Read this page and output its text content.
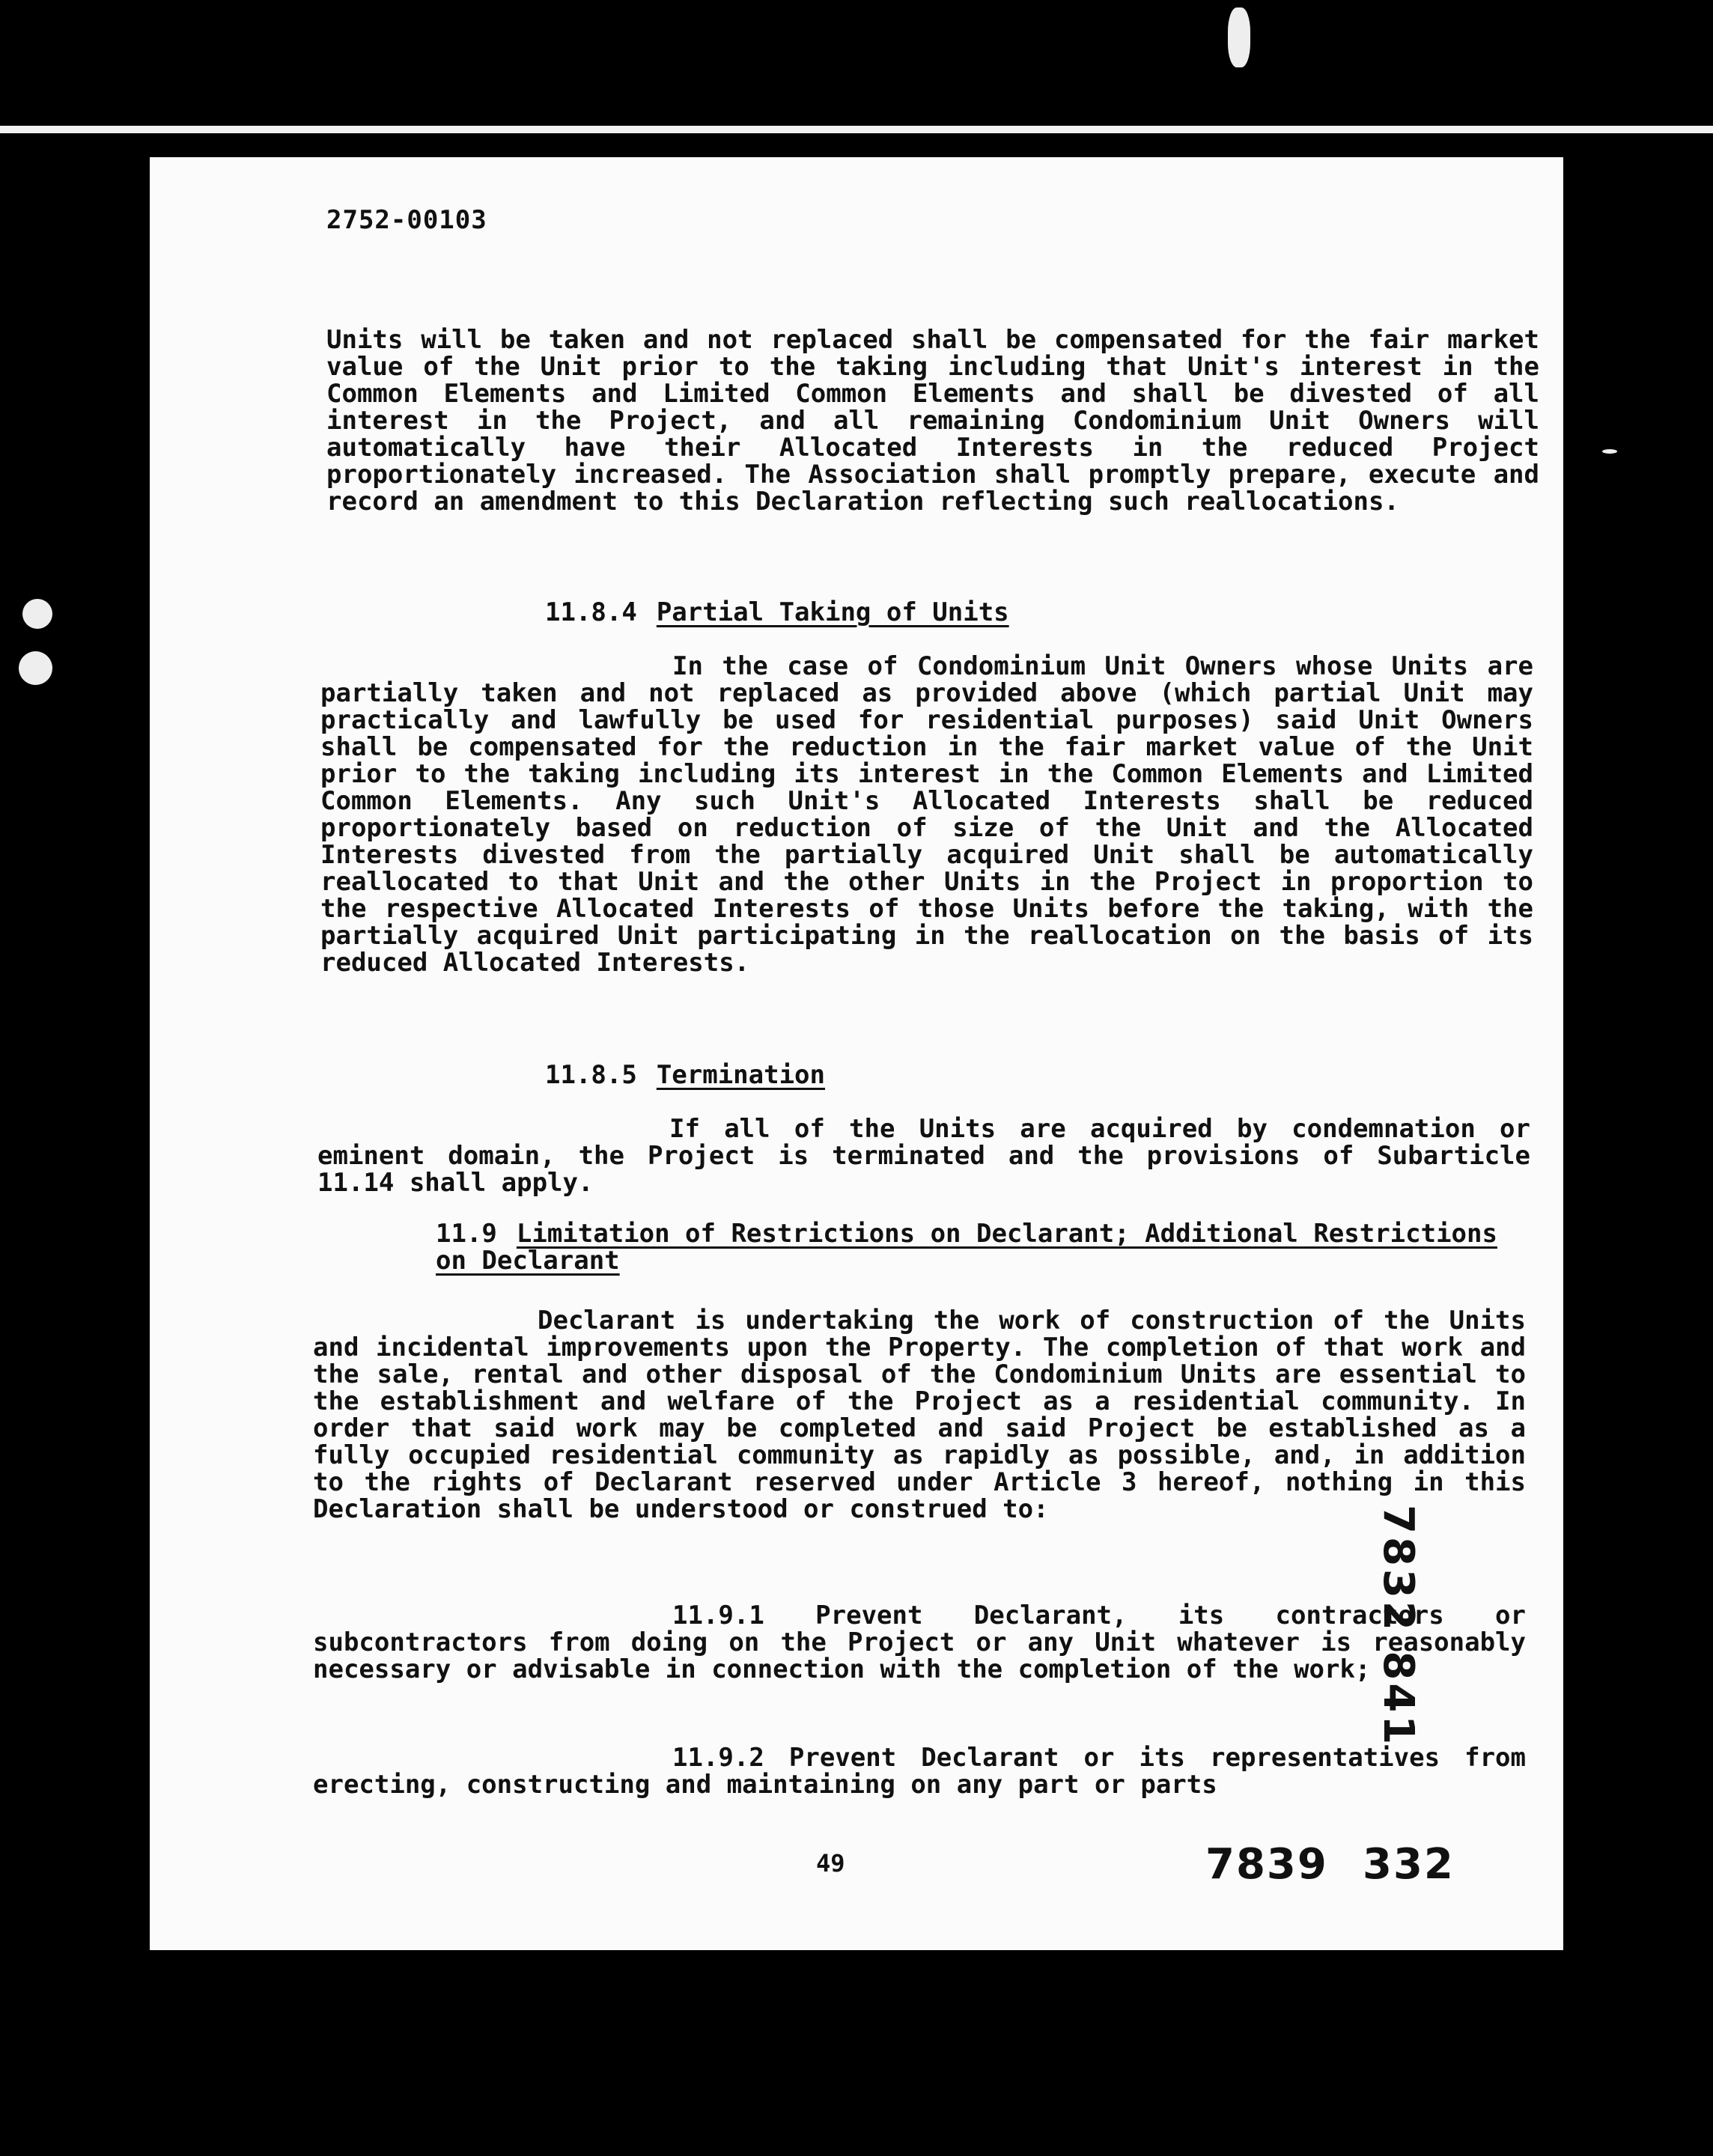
2752-00103

Units will be taken and not replaced shall be compensated for the fair market value of the Unit prior to the taking including that Unit's interest in the Common Elements and Limited Common Elements and shall be divested of all interest in the Project, and all remaining Condominium Unit Owners will automatically have their Allocated Interests in the reduced Project proportionately increased. The Association shall promptly prepare, execute and record an amendment to this Declaration reflecting such reallocations.

11.8.4 Partial Taking of Units

In the case of Condominium Unit Owners whose Units are partially taken and not replaced as provided above (which partial Unit may practically and lawfully be used for residential purposes) said Unit Owners shall be compensated for the reduction in the fair market value of the Unit prior to the taking including its interest in the Common Elements and Limited Common Elements. Any such Unit's Allocated Interests shall be reduced proportionately based on reduction of size of the Unit and the Allocated Interests divested from the partially acquired Unit shall be automatically reallocated to that Unit and the other Units in the Project in proportion to the respective Allocated Interests of those Units before the taking, with the partially acquired Unit participating in the reallocation on the basis of its reduced Allocated Interests.

11.8.5 Termination

If all of the Units are acquired by condemnation or eminent domain, the Project is terminated and the provisions of Subarticle 11.14 shall apply.

11.9 Limitation of Restrictions on Declarant; Additional Restrictions on Declarant

Declarant is undertaking the work of construction of the Units and incidental improvements upon the Property. The completion of that work and the sale, rental and other disposal of the Condominium Units are essential to the establishment and welfare of the Project as a residential community. In order that said work may be completed and said Project be established as a fully occupied residential community as rapidly as possible, and, in addition to the rights of Declarant reserved under Article 3 hereof, nothing in this Declaration shall be understood or construed to:

11.9.1 Prevent Declarant, its contractors or subcontractors from doing on the Project or any Unit whatever is reasonably necessary or advisable in connection with the completion of the work;

11.9.2 Prevent Declarant or its representatives from erecting, constructing and maintaining on any part or parts

49	7839 332
7832 841
